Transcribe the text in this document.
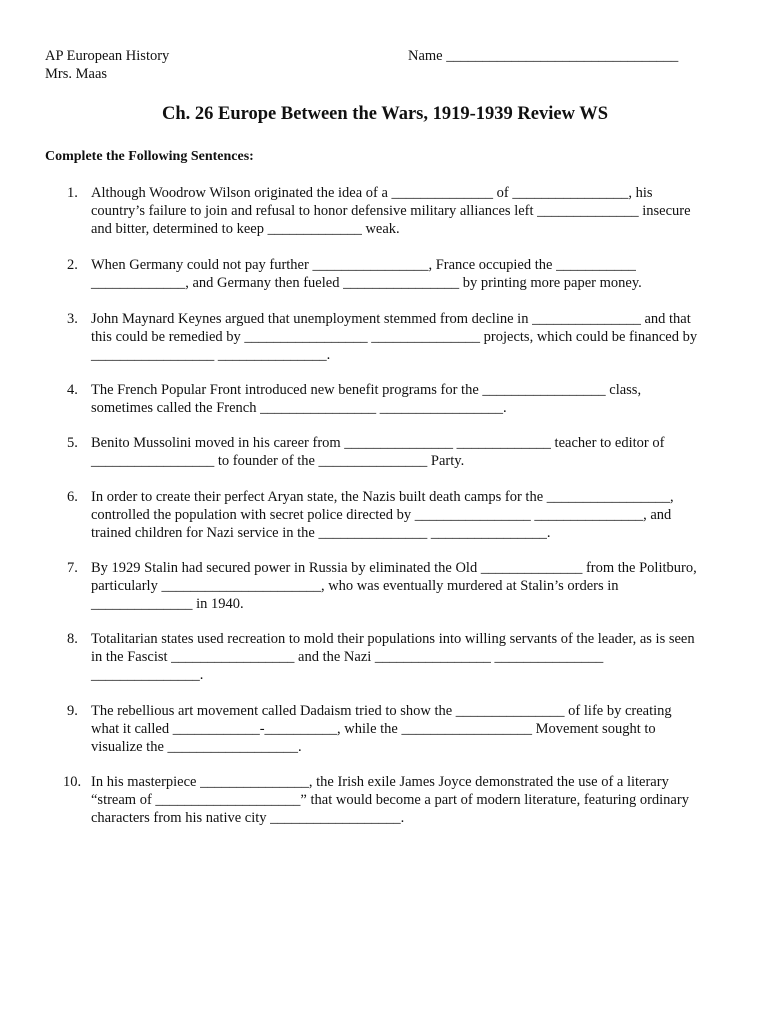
AP European History
Mrs. Maas
Name ________________________________
Ch. 26 Europe Between the Wars, 1919-1939 Review WS
Complete the Following Sentences:
1. Although Woodrow Wilson originated the idea of a ______________ of ________________, his
country’s failure to join and refusal to honor defensive military alliances left ______________ insecure
and bitter, determined to keep _____________ weak.
2. When Germany could not pay further ________________, France occupied the ___________
_____________, and Germany then fueled ________________ by printing more paper money.
3. John Maynard Keynes argued that unemployment stemmed from decline in _______________ and that
this could be remedied by _________________ _______________ projects, which could be financed by
_________________ _______________.
4. The French Popular Front introduced new benefit programs for the _________________ class,
sometimes called the French ________________ _________________.
5. Benito Mussolini moved in his career from _______________ _____________ teacher to editor of
_________________ to founder of the _______________ Party.
6. In order to create their perfect Aryan state, the Nazis built death camps for the _________________,
controlled the population with secret police directed by ________________ _______________, and
trained children for Nazi service in the _______________ ________________.
7. By 1929 Stalin had secured power in Russia by eliminated the Old ______________ from the Politburo,
particularly ______________________, who was eventually murdered at Stalin’s orders in
______________ in 1940.
8. Totalitarian states used recreation to mold their populations into willing servants of the leader, as is seen
in the Fascist _________________ and the Nazi ________________ _______________
_______________.
9. The rebellious art movement called Dadaism tried to show the _______________ of life by creating
what it called ____________-__________, while the __________________ Movement sought to
visualize the __________________.
10. In his masterpiece _______________, the Irish exile James Joyce demonstrated the use of a literary
“stream of ____________________” that would become a part of modern literature, featuring ordinary
characters from his native city __________________.
